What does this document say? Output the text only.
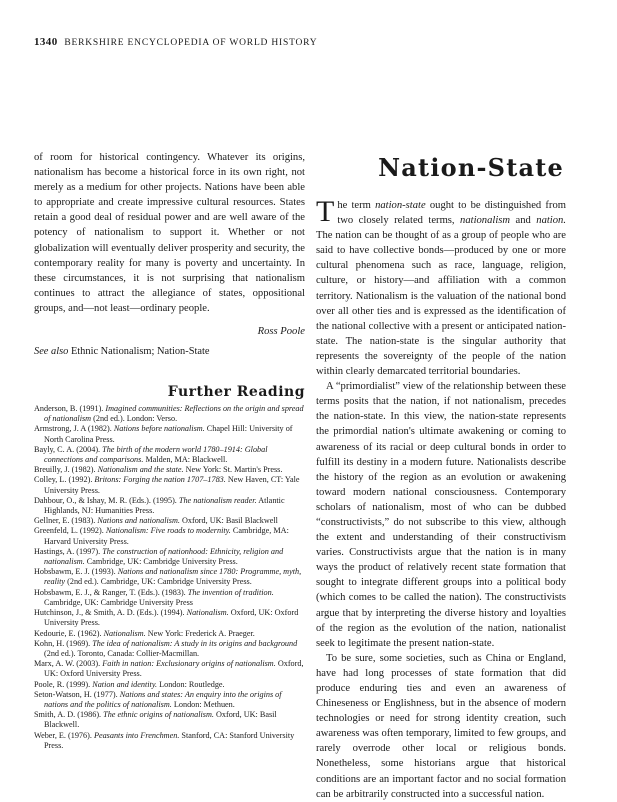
1340 BERKSHIRE ENCYCLOPEDIA OF WORLD HISTORY

of room for historical contingency. Whatever its origins, nationalism has become a historical force in its own right, not merely as a medium for other projects. Nations have been able to appropriate and create impressive cultural resources. States retain a good deal of residual power and are well aware of the potency of nationalism to support it. Whether or not globalization will eventually deliver prosperity and security, the contemporary reality for many is poverty and uncertainty. In these circumstances, it is not surprising that nationalism continues to attract the allegiance of states, oppositional groups, and—not least—ordinary people.

Ross Poole

See also Ethnic Nationalism; Nation-State

Further Reading
Anderson, B. (1991). Imagined communities: Reflections on the origin and spread of nationalism (2nd ed.). London: Verso.
Armstrong, J. A (1982). Nations before nationalism. Chapel Hill: University of North Carolina Press.
Bayly, C. A. (2004). The birth of the modern world 1780–1914: Global connections and comparisons. Malden, MA: Blackwell.
Breuilly, J. (1982). Nationalism and the state. New York: St. Martin's Press.
Colley, L. (1992). Britons: Forging the nation 1707–1783. New Haven, CT: Yale University Press.
Dahbour, O., & Ishay, M. R. (Eds.). (1995). The nationalism reader. Atlantic Highlands, NJ: Humanities Press.
Gellner, E. (1983). Nations and nationalism. Oxford, UK: Basil Blackwell
Greenfeld, L. (1992). Nationalism: Five roads to modernity. Cambridge, MA: Harvard University Press.
Hastings, A. (1997). The construction of nationhood: Ethnicity, religion and nationalism. Cambridge, UK: Cambridge University Press.
Hobsbawm, E. J. (1993). Nations and nationalism since 1780: Programme, myth, reality (2nd ed.). Cambridge, UK: Cambridge University Press.
Hobsbawm, E. J., & Ranger, T. (Eds.). (1983). The invention of tradition. Cambridge, UK: Cambridge University Press
Hutchinson, J., & Smith, A. D. (Eds.). (1994). Nationalism. Oxford, UK: Oxford University Press.
Kedourie, E. (1962). Nationalism. New York: Frederick A. Praeger.
Kohn, H. (1969). The idea of nationalism: A study in its origins and background (2nd ed.). Toronto, Canada: Collier-Macmillan.
Marx, A. W. (2003). Faith in nation: Exclusionary origins of nationalism. Oxford, UK: Oxford University Press.
Poole, R. (1999). Nation and identity. London: Routledge.
Seton-Watson, H. (1977). Nations and states: An enquiry into the origins of nations and the politics of nationalism. London: Methuen.
Smith, A. D. (1986). The ethnic origins of nationalism. Oxford, UK: Basil Blackwell.
Weber, E. (1976). Peasants into Frenchmen. Stanford, CA: Stanford University Press.
Nation-State

The term nation-state ought to be distinguished from two closely related terms, nationalism and nation. The nation can be thought of as a group of people who are said to have collective bonds—produced by one or more cultural phenomena such as race, language, religion, culture, or history—and affiliation with a common territory. Nationalism is the valuation of the national bond over all other ties and is expressed as the identification of the national collective with a present or anticipated nation-state. The nation-state is the singular authority that represents the sovereignty of the people of the nation within clearly demarcated territorial boundaries.

A “primordialist” view of the relationship between these terms posits that the nation, if not nationalism, precedes the nation-state. In this view, the nation-state represents the primordial nation's ultimate awakening or coming to awareness of its racial or deep cultural bonds in order to fulfill its destiny in a modern future. Nationalists describe the history of the region as an evolution or awakening toward modern national consciousness. Contemporary scholars of nationalism, most of who can be dubbed “constructivists,” do not subscribe to this view, although the extent and understanding of their constructivism varies. Constructivists argue that the nation is in many ways the product of relatively recent state formation that sought to integrate different groups into a political body (which comes to be called the nation). The constructivists argue that by interpreting the diverse history and loyalties of the region as the evolution of the nation, nationalist seek to legitimate the present nation-state.

To be sure, some societies, such as China or England, have had long processes of state formation that did produce enduring ties and even an awareness of Chineseness or Englishness, but in the absence of modern technologies or need for strong identity creation, such awareness was often temporary, limited to few groups, and rarely overrode other local or religious bonds. Nonetheless, some historians argue that historical conditions are an important factor and no social formation can be arbitrarily constructed into a successful nation.
